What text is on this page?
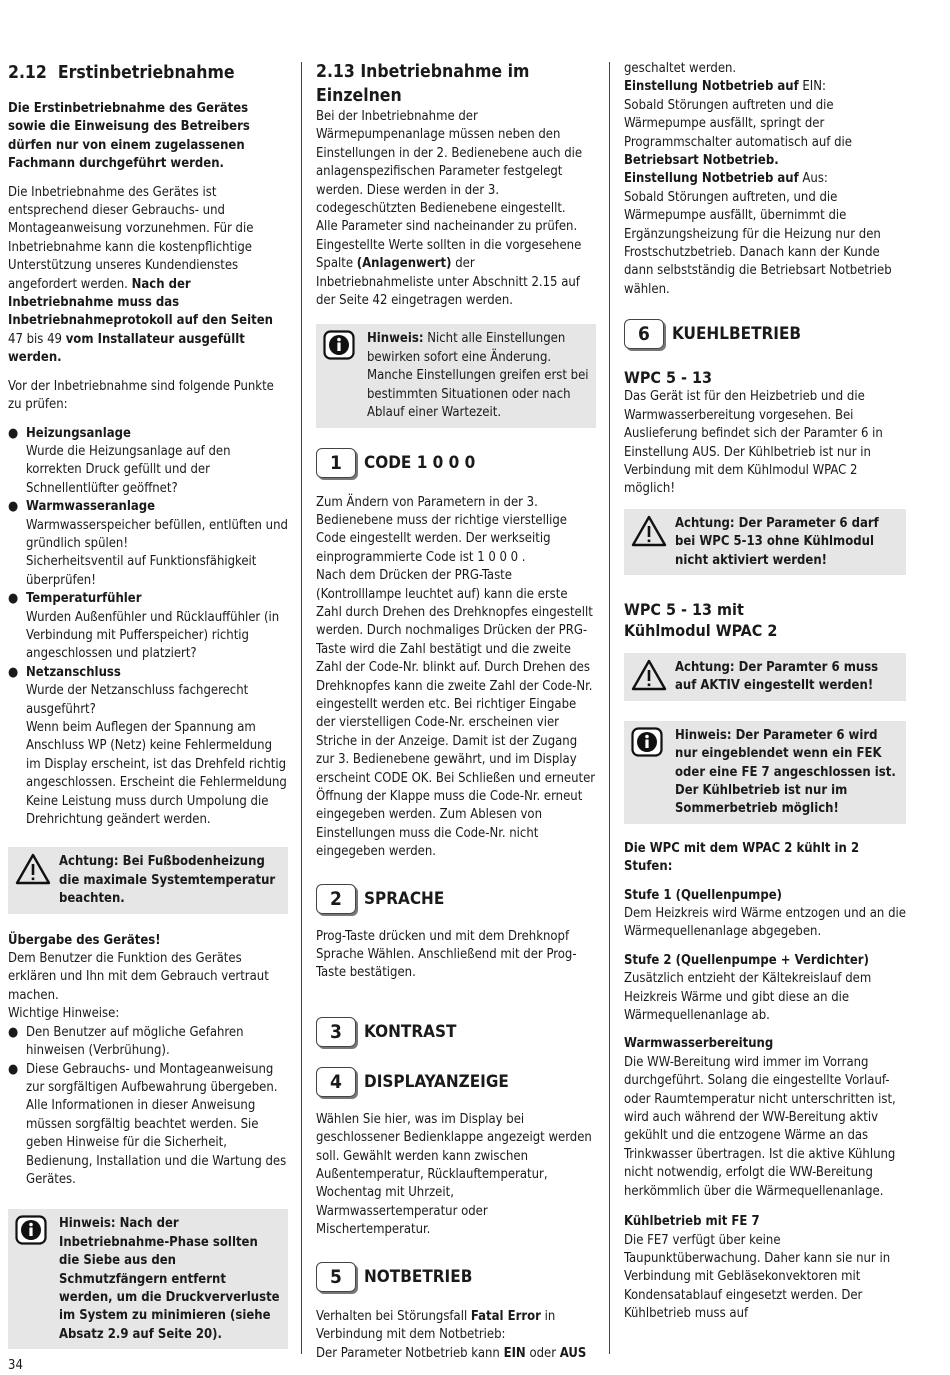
2.12 Erstinbetriebnahme

Die Erstinbetriebnahme des Gerätes sowie die Einweisung des Betreibers dürfen nur von einem zugelassenen Fachmann durchgeführt werden.

Die Inbetriebnahme des Gerätes ist entsprechend dieser Gebrauchs- und Montageanweisung vorzunehmen. Für die Inbetriebnahme kann die kostenpflichtige Unterstützung unseres Kundendienstes angefordert werden. Nach der Inbetriebnahme muss das Inbetriebnahmeprotokoll auf den Seiten 47 bis 49 vom Installateur ausgefüllt werden.

Vor der Inbetriebnahme sind folgende Punkte zu prüfen:

● Heizungsanlage

Wurde die Heizungsanlage auf den korrekten Druck gefüllt und der Schnellentlüfter geöffnet?

● Warmwasseranlage

Warmwasserspeicher befüllen, entlüften und gründlich spülen!
Sicherheitsventil auf Funktionsfähigkeit überprüfen!

● Temperaturfühler

Wurden Außenfühler und Rücklauffühler (in Verbindung mit Pufferspeicher) richtig angeschlossen und platziert?

● Netzanschluss

Wurde der Netzanschluss fachgerecht ausgeführt?
Wenn beim Auflegen der Spannung am Anschluss WP (Netz) keine Fehlermeldung im Display erscheint, ist das Drehfeld richtig angeschlossen. Erscheint die Fehlermeldung Keine Leistung muss durch Umpolung die Drehrichtung geändert werden.

Achtung: Bei Fußbodenheizung die maximale Systemtemperatur beachten.

Übergabe des Gerätes!

Dem Benutzer die Funktion des Gerätes erklären und Ihn mit dem Gebrauch vertraut machen.
Wichtige Hinweise:

● Den Benutzer auf mögliche Gefahren hinweisen (Verbrühung).

● Diese Gebrauchs- und Montageanweisung zur sorgfältigen Aufbewahrung übergeben. Alle Informationen in dieser Anweisung müssen sorgfältig beachtet werden. Sie geben Hinweise für die Sicherheit, Bedienung, Installation und die Wartung des Gerätes.

Hinweis: Nach der Inbetriebnahme-Phase sollten die Siebe aus den Schmutzfängern entfernt werden, um die Druckververluste im System zu minimieren (siehe Absatz 2.9 auf Seite 20).
2.13 Inbetriebnahme im Einzelnen

Bei der Inbetriebnahme der Wärmepumpenanlage müssen neben den Einstellungen in der 2. Bedienebene auch die anlagenspezifischen Parameter festgelegt werden. Diese werden in der 3. codegeschützten Bedienebene eingestellt.

Alle Parameter sind nacheinander zu prüfen. Eingestellte Werte sollten in die vorgesehene Spalte (Anlagenwert) der Inbetriebnahmeliste unter Abschnitt 2.15 auf der Seite 42 eingetragen werden.

Hinweis: Nicht alle Einstellungen bewirken sofort eine Änderung. Manche Einstellungen greifen erst bei bestimmten Situationen oder nach Ablauf einer Wartezeit.
1	CODE 1 0 0 0

Zum Ändern von Parametern in der 3. Bedienebene muss der richtige vierstellige Code eingestellt werden. Der werkseitig einprogrammierte Code ist 1 0 0 0 .
Nach dem Drücken der PRG-Taste (Kontrolllampe leuchtet auf) kann die erste Zahl durch Drehen des Drehknopfes eingestellt werden. Durch nochmaliges Drücken der PRG-Taste wird die Zahl bestätigt und die zweite Zahl der Code-Nr. blinkt auf. Durch Drehen des Drehknopfes kann die zweite Zahl der Code-Nr. eingestellt werden etc. Bei richtiger Eingabe der vierstelligen Code-Nr. erscheinen vier Striche in der Anzeige. Damit ist der Zugang zur 3. Bedienebene gewährt, und im Display erscheint CODE OK. Bei Schließen und erneuter Öffnung der Klappe muss die Code-Nr. erneut eingegeben werden. Zum Ablesen von Einstellungen muss die Code-Nr. nicht eingegeben werden.

2	SPRACHE

Prog-Taste drücken und mit dem Drehknopf Sprache Wählen. Anschließend mit der Prog-Taste bestätigen.

3	KONTRAST
4	DISPLAYANZEIGE

Wählen Sie hier, was im Display bei geschlossener Bedienklappe angezeigt werden soll. Gewählt werden kann zwischen Außentemperatur, Rücklauftemperatur, Wochentag mit Uhrzeit, Warmwassertemperatur oder Mischertemperatur.

5	NOTBETRIEB

Verhalten bei Störungsfall Fatal Error in Verbindung mit dem Notbetrieb:
Der Parameter Notbetrieb kann EIN oder AUS

geschaltet werden.

Einstellung Notbetrieb auf EIN:
Sobald Störungen auftreten und die Wärmepumpe ausfällt, springt der Programmschalter automatisch auf die Betriebsart Notbetrieb.
Einstellung Notbetrieb auf Aus:
Sobald Störungen auftreten, und die Wärmepumpe ausfällt, übernimmt die Ergänzungsheizung für die Heizung nur den Frostschutzbetrieb. Danach kann der Kunde dann selbstständig die Betriebsart Notbetrieb wählen.

6	KUEHLBETRIEB
WPC 5 - 13

Das Gerät ist für den Heizbetrieb und die Warmwasserbereitung vorgesehen. Bei Auslieferung befindet sich der Paramter 6 in Einstellung AUS. Der Kühlbetrieb ist nur in Verbindung mit dem Kühlmodul WPAC 2 möglich!

Achtung: Der Parameter 6 darf bei WPC 5-13 ohne Kühlmodul nicht aktiviert werden!
WPC 5 - 13 mit
Kühlmodul WPAC 2
Achtung: Der Paramter 6 muss auf AKTIV eingestellt werden!
Hinweis: Der Parameter 6 wird nur eingeblendet wenn ein FEK oder eine FE 7 angeschlossen ist. Der Kühlbetrieb ist nur im Sommerbetrieb möglich!

Die WPC mit dem WPAC 2 kühlt in 2 Stufen:

Stufe 1 (Quellenpumpe)

Dem Heizkreis wird Wärme entzogen und an die Wärmequellenanlage abgegeben.

Stufe 2 (Quellenpumpe + Verdichter)

Zusätzlich entzieht der Kältekreislauf dem Heizkreis Wärme und gibt diese an die Wärmequellenanlage ab.

Warmwasserbereitung

Die WW-Bereitung wird immer im Vorrang durchgeführt. Solang die eingestellte Vorlauf- oder Raumtemperatur nicht unterschritten ist, wird auch während der WW-Bereitung aktiv gekühlt und die entzogene Wärme an das Trinkwasser übertragen. Ist die aktive Kühlung nicht notwendig, erfolgt die WW-Bereitung herkömmlich über die Wärmequellenanlage.

Kühlbetrieb mit FE 7

Die FE7 verfügt über keine Taupunktüberwachung. Daher kann sie nur in Verbindung mit Gebläsekonvektoren mit Kondensatablauf eingesetzt werden. Der Kühlbetrieb muss auf

34
